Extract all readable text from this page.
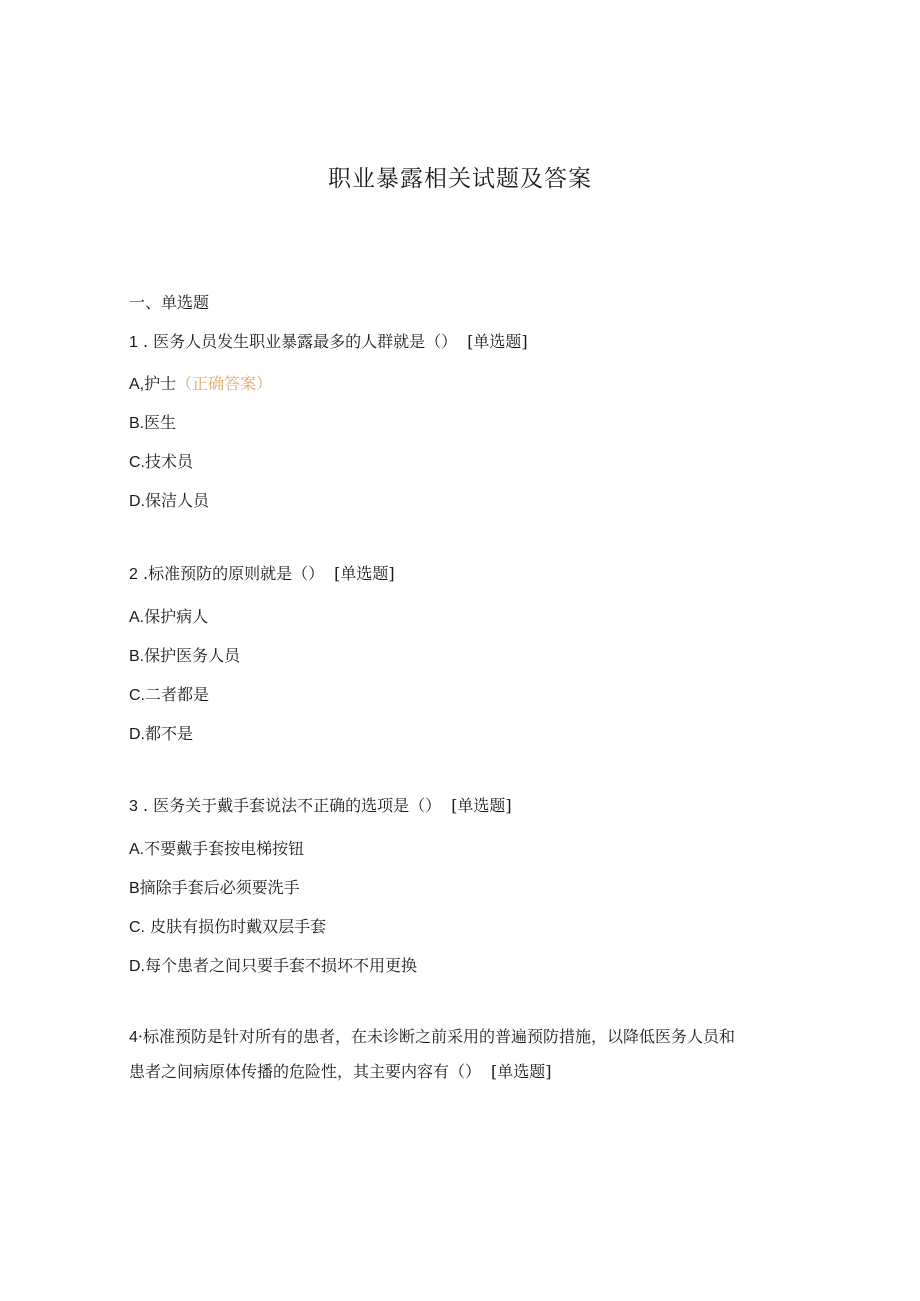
职业暴露相关试题及答案
一、单选题
1 . 医务人员发生职业暴露最多的人群就是（） [单选题]
A,护士（正确答案）
B.医生
C.技术员
D.保洁人员
2 .标准预防的原则就是（） [单选题]
A.保护病人
B.保护医务人员
C.二者都是
D.都不是
3 . 医务关于戴手套说法不正确的选项是（） [单选题]
A.不要戴手套按电梯按钮
B摘除手套后必须要洗手
C. 皮肤有损伤时戴双层手套
D.每个患者之间只要手套不损坏不用更换
4·标准预防是针对所有的患者，在未诊断之前采用的普遍预防措施，以降低医务人员和
患者之间病原体传播的危险性，其主要内容有（） [单选题]
